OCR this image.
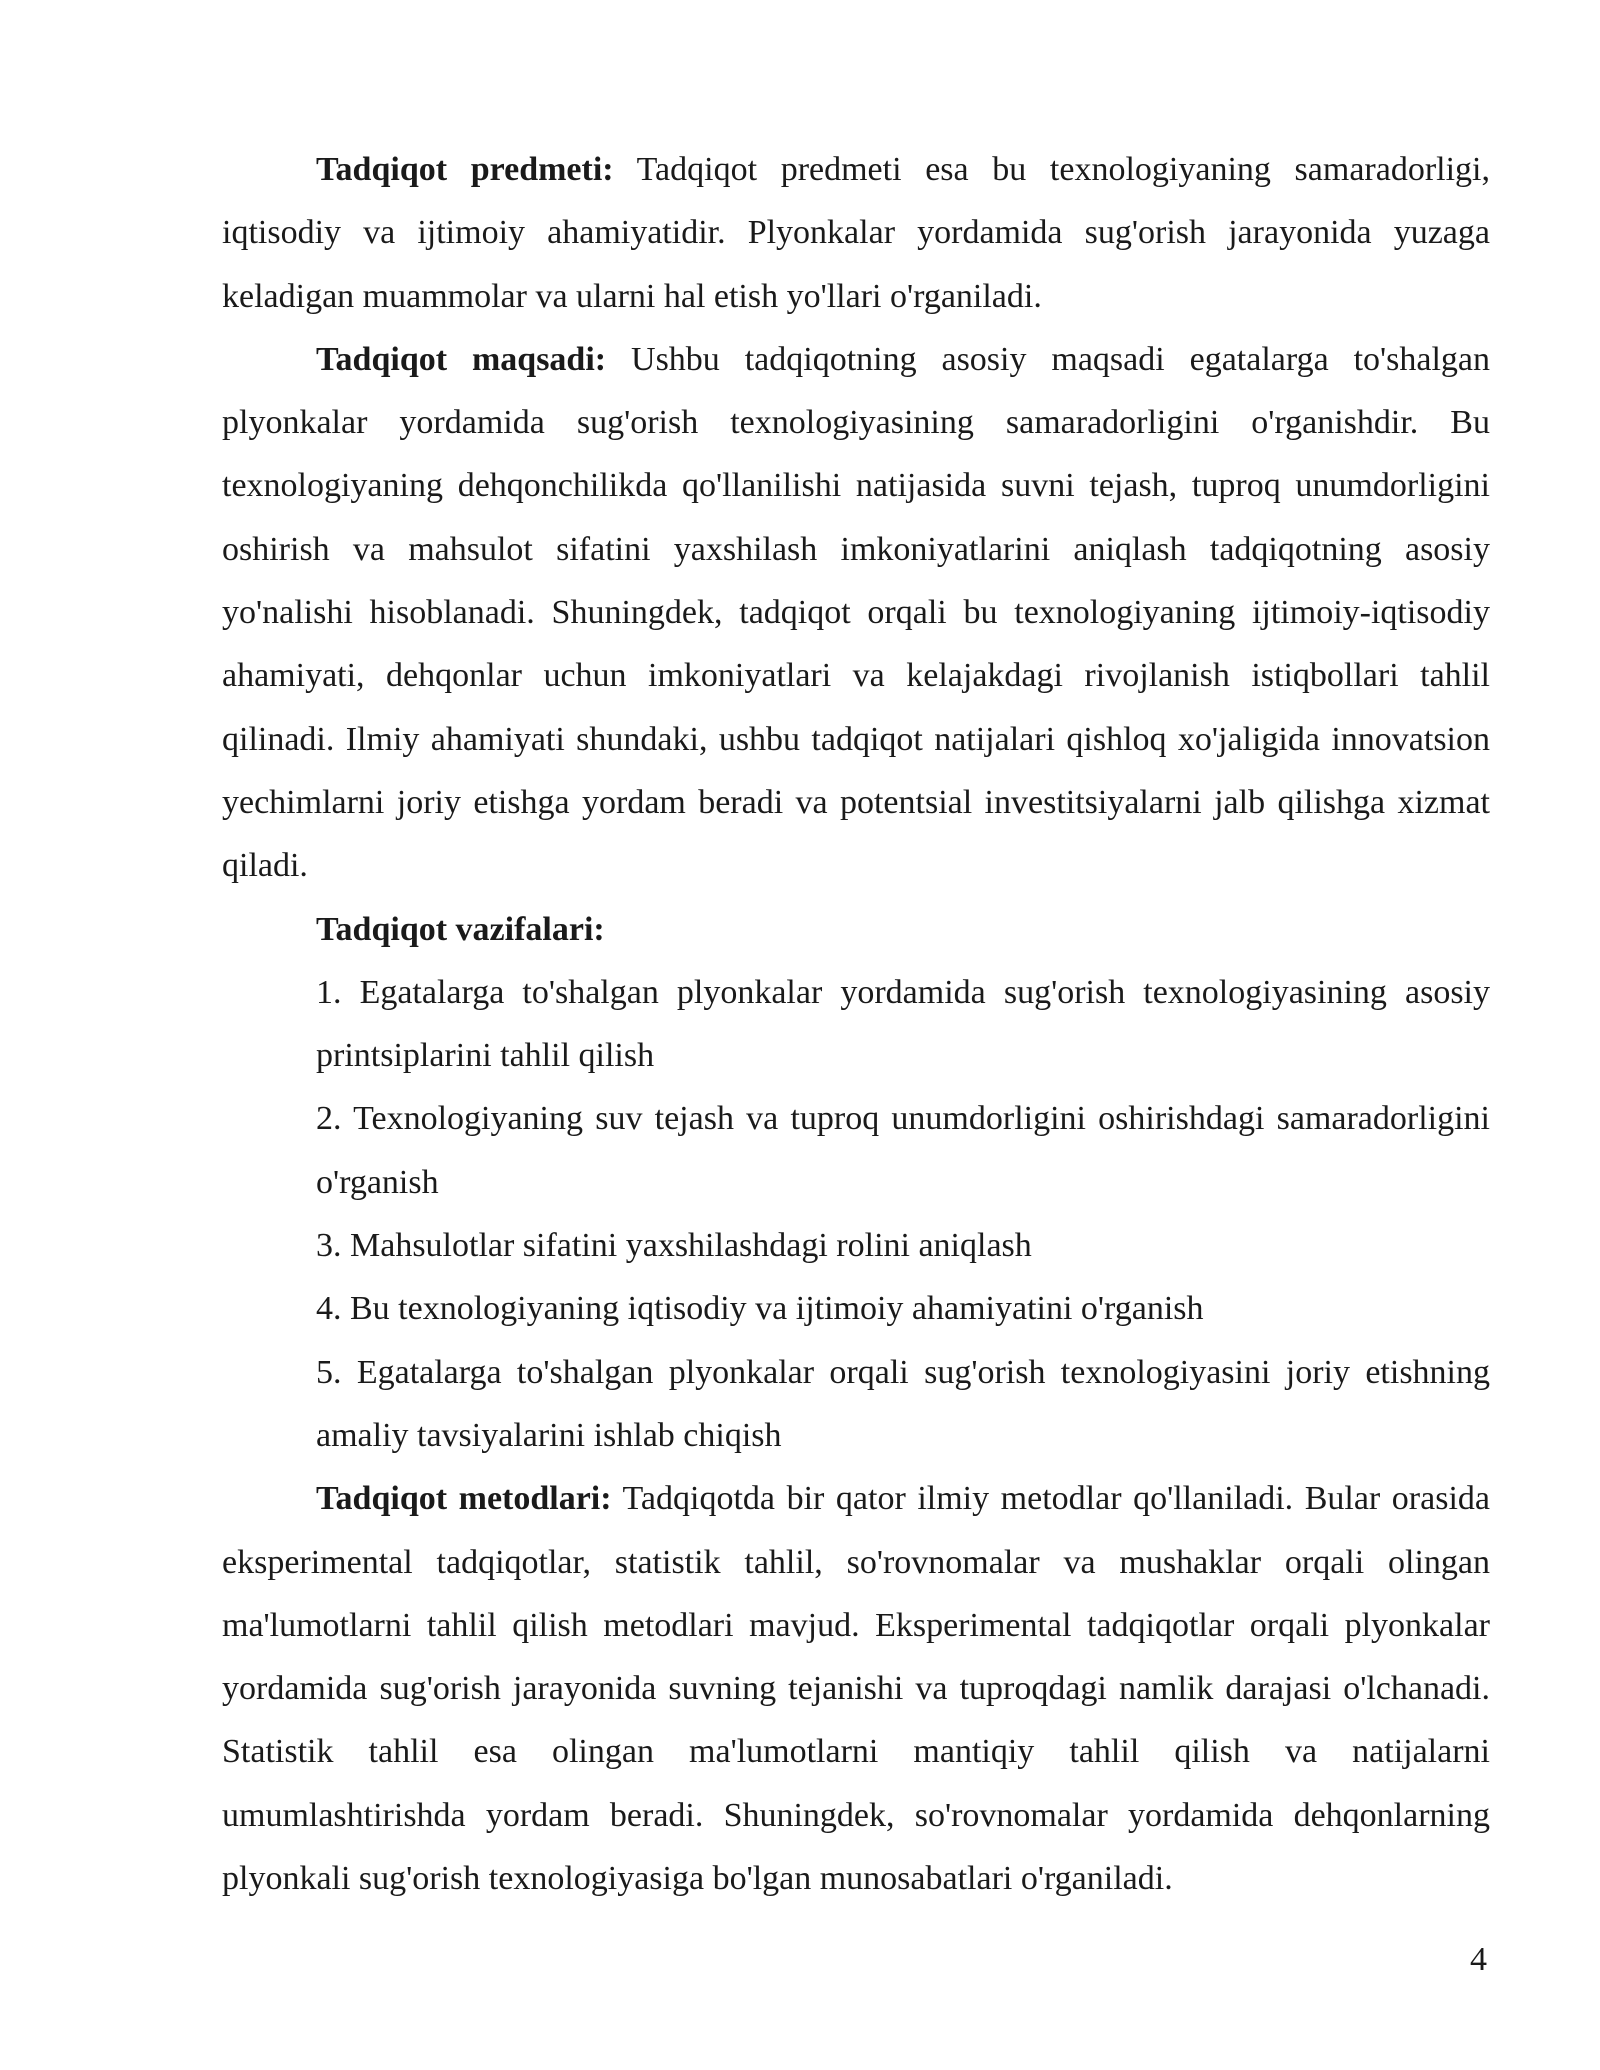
Tadqiqot predmeti: Tadqiqot predmeti esa bu texnologiyaning samaradorligi, iqtisodiy va ijtimoiy ahamiyatidir. Plyonkalar yordamida sug'orish jarayonida yuzaga keladigan muammolar va ularni hal etish yo'llari o'rganiladi.

Tadqiqot maqsadi: Ushbu tadqiqotning asosiy maqsadi egatalarga to'shalgan plyonkalar yordamida sug'orish texnologiyasining samaradorligini o'rganishdir. Bu texnologiyaning dehqonchilikda qo'llanilishi natijasida suvni tejash, tuproq unumdorligini oshirish va mahsulot sifatini yaxshilash imkoniyatlarini aniqlash tadqiqotning asosiy yo'nalishi hisoblanadi. Shuningdek, tadqiqot orqali bu texnologiyaning ijtimoiy-iqtisodiy ahamiyati, dehqonlar uchun imkoniyatlari va kelajakdagi rivojlanish istiqbollari tahlil qilinadi. Ilmiy ahamiyati shundaki, ushbu tadqiqot natijalari qishloq xo'jaligida innovatsion yechimlarni joriy etishga yordam beradi va potentsial investitsiyalarni jalb qilishga xizmat qiladi.

Tadqiqot vazifalari:

1. Egatalarga to'shalgan plyonkalar yordamida sug'orish texnologiyasining asosiy printsiplarini tahlil qilish

2. Texnologiyaning suv tejash va tuproq unumdorligini oshirishdagi samaradorligini o'rganish

3. Mahsulotlar sifatini yaxshilashdagi rolini aniqlash

4. Bu texnologiyaning iqtisodiy va ijtimoiy ahamiyatini o'rganish

5. Egatalarga to'shalgan plyonkalar orqali sug'orish texnologiyasini joriy etishning amaliy tavsiyalarini ishlab chiqish

Tadqiqot metodlari: Tadqiqotda bir qator ilmiy metodlar qo'llaniladi. Bular orasida eksperimental tadqiqotlar, statistik tahlil, so'rovnomalar va mushaklar orqali olingan ma'lumotlarni tahlil qilish metodlari mavjud. Eksperimental tadqiqotlar orqali plyonkalar yordamida sug'orish jarayonida suvning tejanishi va tuproqdagi namlik darajasi o'lchanadi. Statistik tahlil esa olingan ma'lumotlarni mantiqiy tahlil qilish va natijalarni umumlashtirishda yordam beradi. Shuningdek, so'rovnomalar yordamida dehqonlarning plyonkali sug'orish texnologiyasiga bo'lgan munosabatlari o'rganiladi.

4
